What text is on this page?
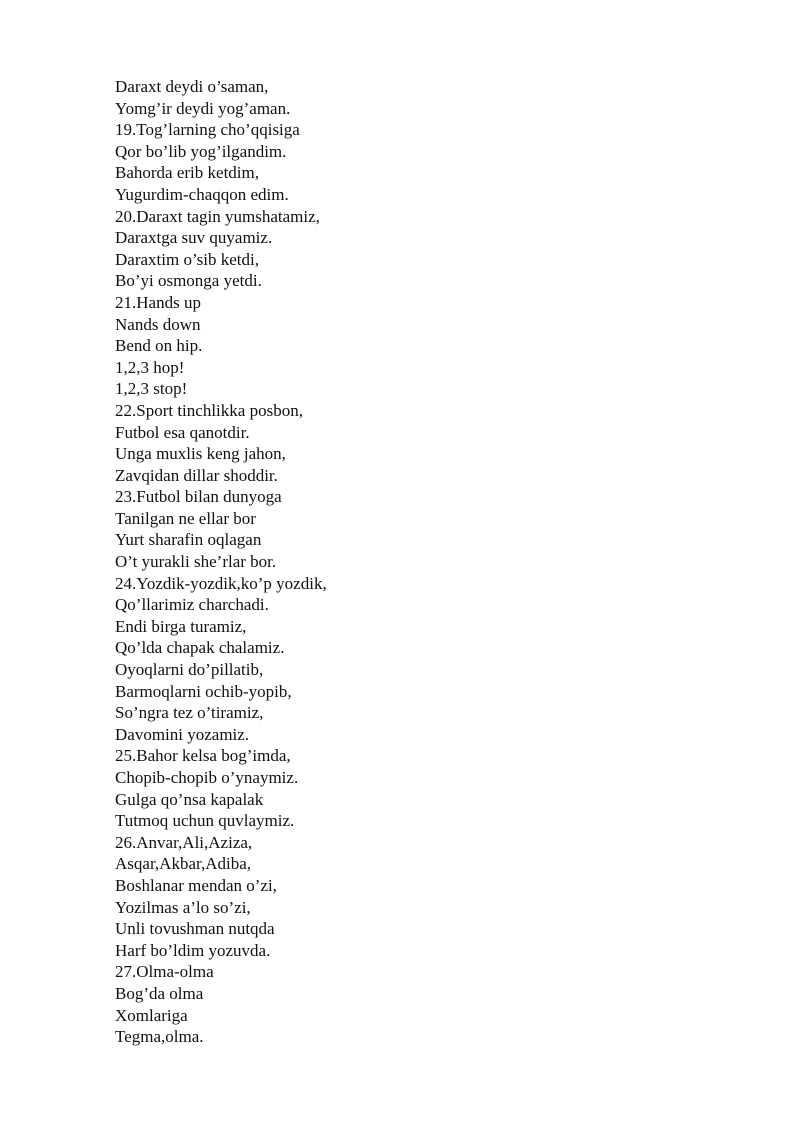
Daraxt deydi o’saman,
Yomg’ir deydi yog’aman.
19.Tog’larning cho’qqisiga
Qor bo’lib yog’ilgandim.
Bahorda erib ketdim,
Yugurdim-chaqqon edim.
20.Daraxt tagin yumshatamiz,
Daraxtga suv quyamiz.
Daraxtim o’sib ketdi,
Bo’yi osmonga yetdi.
21.Hands up
Nands down
Bend on hip.
1,2,3 hop!
1,2,3 stop!
22.Sport tinchlikka posbon,
Futbol esa qanotdir.
Unga muxlis keng jahon,
Zavqidan dillar shoddir.
23.Futbol bilan dunyoga
Tanilgan ne ellar bor
Yurt sharafin oqlagan
O’t yurakli she’rlar bor.
24.Yozdik-yozdik,ko’p yozdik,
Qo’llarimiz charchadi.
Endi birga turamiz,
Qo’lda chapak chalamiz.
Oyoqlarni do’pillatib,
Barmoqlarni ochib-yopib,
So’ngra tez o’tiramiz,
Davomini yozamiz.
25.Bahor kelsa bog’imda,
Chopib-chopib o’ynaymiz.
Gulga qo’nsa kapalak
Tutmoq uchun quvlaymiz.
26.Anvar,Ali,Aziza,
Asqar,Akbar,Adiba,
Boshlanar mendan o’zi,
Yozilmas a’lo so’zi,
Unli tovushman nutqda
Harf bo’ldim yozuvda.
27.Olma-olma
Bog’da olma
Xomlariga
Tegma,olma.
